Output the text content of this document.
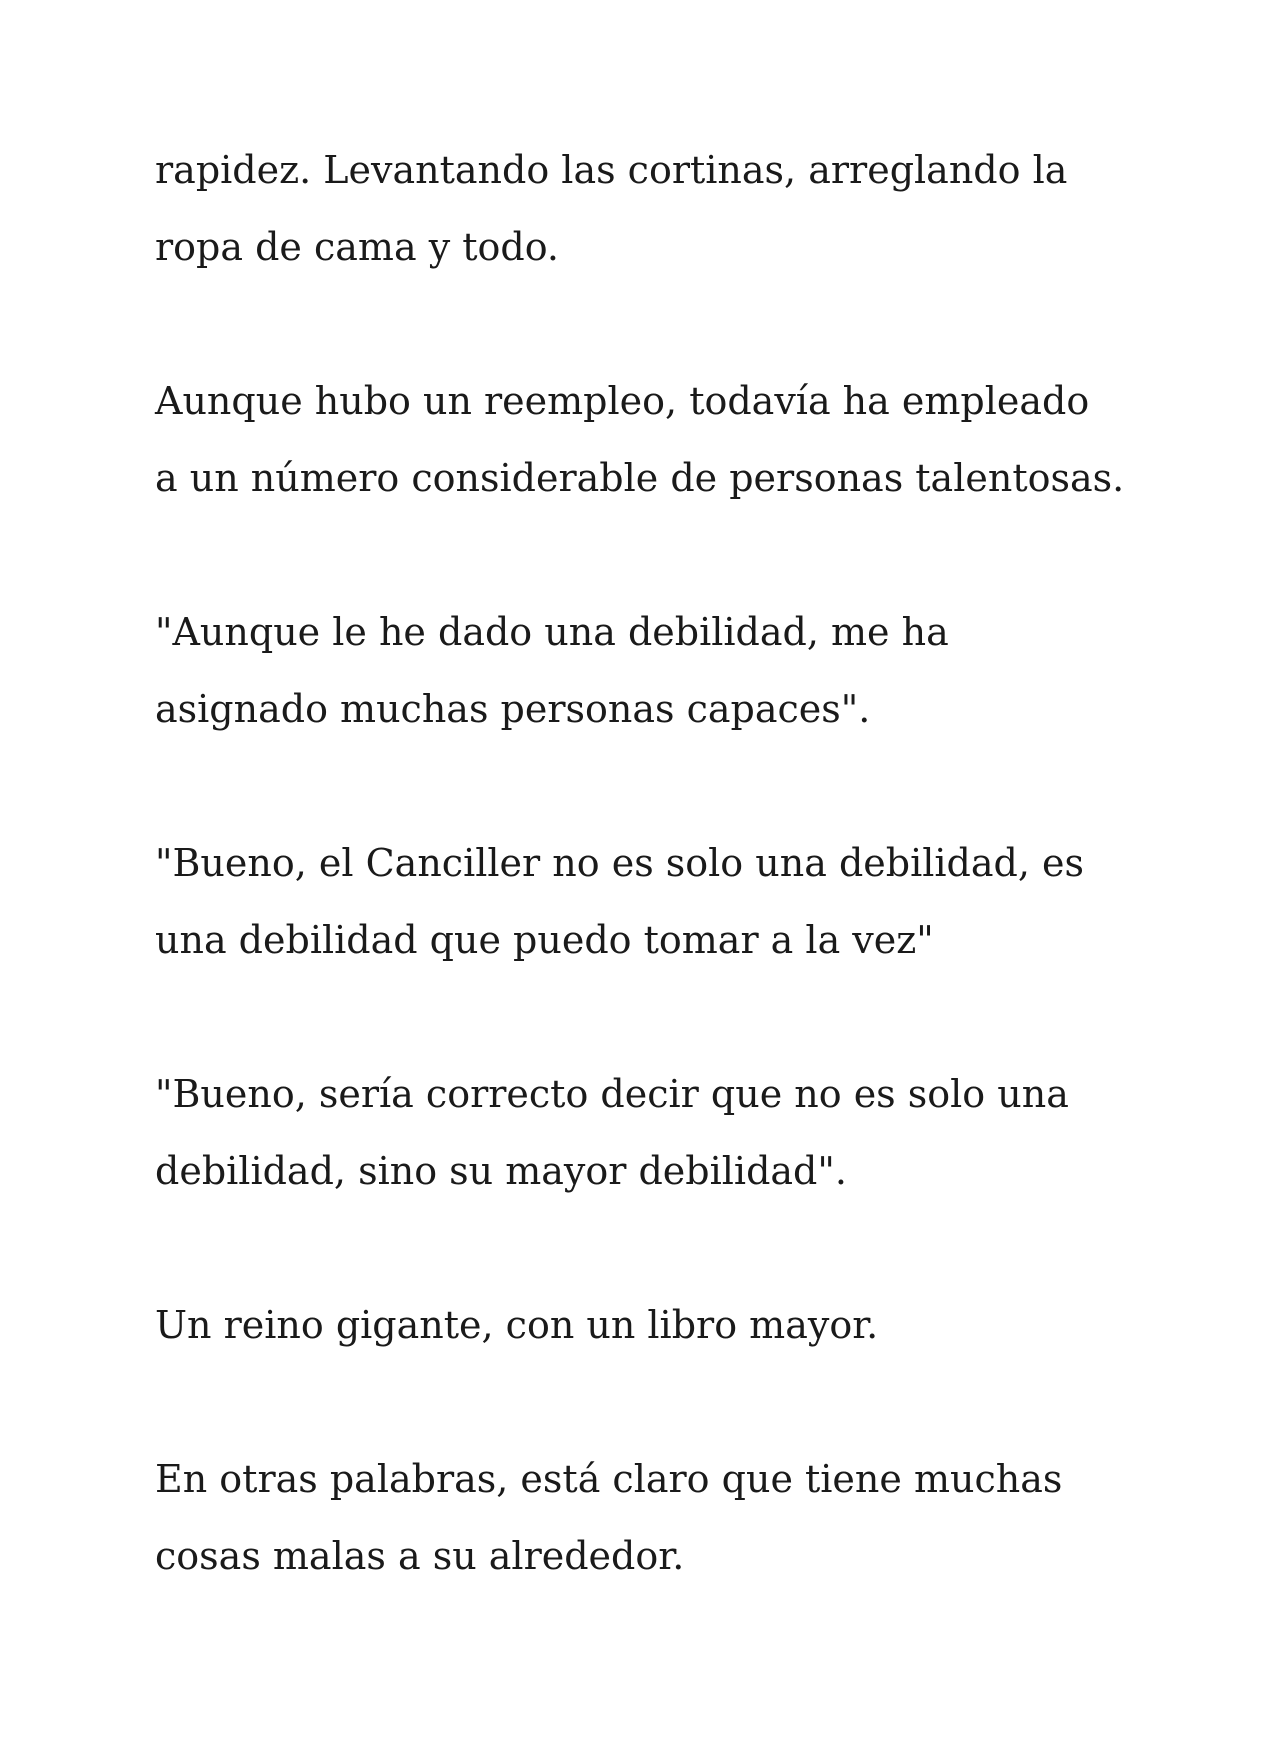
rapidez. Levantando las cortinas, arreglando la
ropa de cama y todo.

Aunque hubo un reempleo, todavía ha empleado
a un número considerable de personas talentosas.

"Aunque le he dado una debilidad, me ha
asignado muchas personas capaces".

"Bueno, el Canciller no es solo una debilidad, es
una debilidad que puedo tomar a la vez"

"Bueno, sería correcto decir que no es solo una
debilidad, sino su mayor debilidad".

Un reino gigante, con un libro mayor.

En otras palabras, está claro que tiene muchas
cosas malas a su alrededor.
